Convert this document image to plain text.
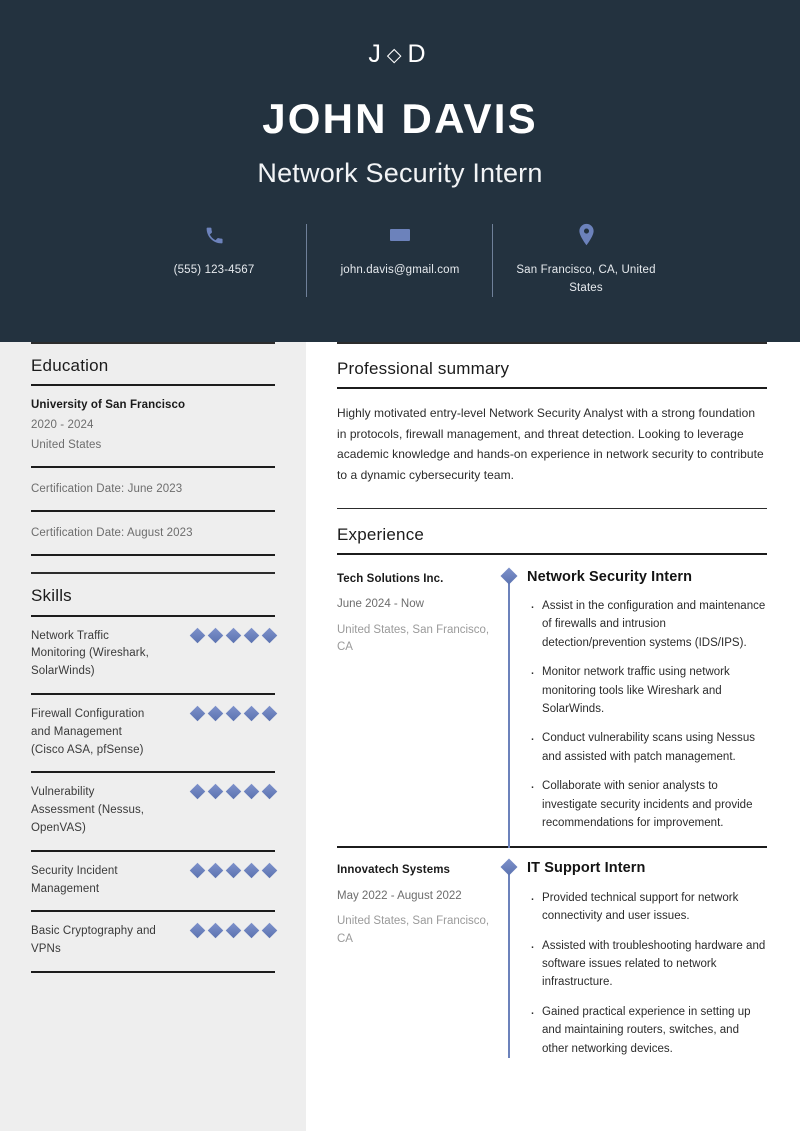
J◇D
JOHN DAVIS
Network Security Intern
(555) 123-4567	john.davis@gmail.com	San Francisco, CA, United States
Education
University of San Francisco
2020 - 2024
United States
Certification Date: June 2023
Certification Date: August 2023
Skills
Network Traffic Monitoring (Wireshark, SolarWinds)
Firewall Configuration and Management (Cisco ASA, pfSense)
Vulnerability Assessment (Nessus, OpenVAS)
Security Incident Management
Basic Cryptography and VPNs
Professional summary
Highly motivated entry-level Network Security Analyst with a strong foundation in protocols, firewall management, and threat detection. Looking to leverage academic knowledge and hands-on experience in network security to contribute to a dynamic cybersecurity team.
Experience
Tech Solutions Inc.
June 2024 - Now
United States, San Francisco, CA
Network Security Intern
· Assist in the configuration and maintenance of firewalls and intrusion detection/prevention systems (IDS/IPS).
· Monitor network traffic using network monitoring tools like Wireshark and SolarWinds.
· Conduct vulnerability scans using Nessus and assisted with patch management.
· Collaborate with senior analysts to investigate security incidents and provide recommendations for improvement.
Innovatech Systems
May 2022 - August 2022
United States, San Francisco, CA
IT Support Intern
· Provided technical support for network connectivity and user issues.
· Assisted with troubleshooting hardware and software issues related to network infrastructure.
· Gained practical experience in setting up and maintaining routers, switches, and other networking devices.
